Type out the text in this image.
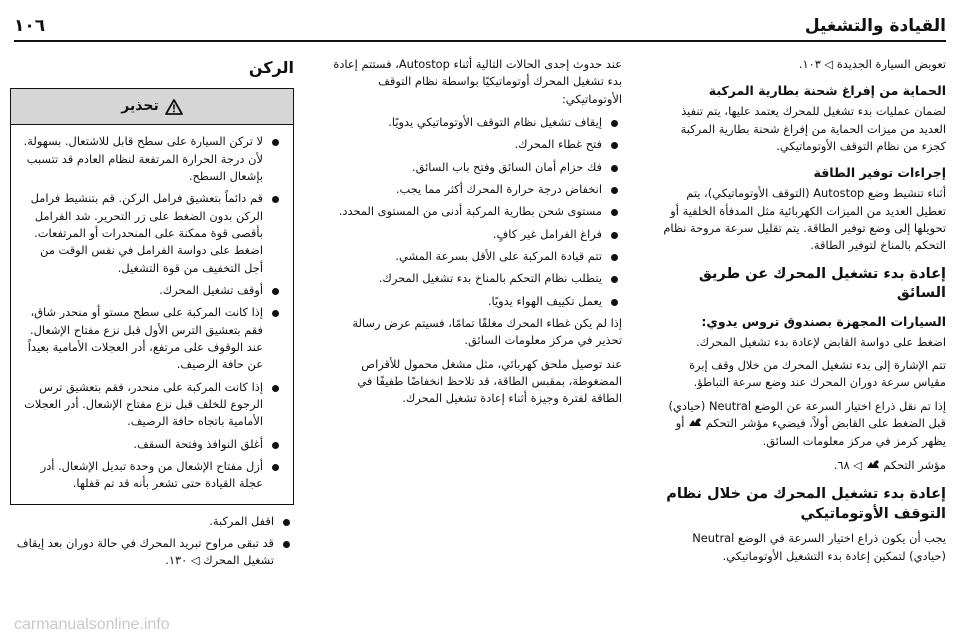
القيادة والتشغيل
١٠٦

تعويض السيارة الجديدة ◁ ١٠٣.

الحماية من إفراغ شحنة بطارية المركبة

لضمان عمليات بدء تشغيل للمحرك يعتمد عليها، يتم تنفيذ العديد من ميزات الحماية من إفراغ شحنة بطارية المركبة كجزء من نظام التوقف الأوتوماتيكي.

إجراءات توفير الطاقة

أثناء تنشيط وضع Autostop (التوقف الأوتوماتيكي)، يتم تعطيل العديد من الميزات الكهربائية مثل المدفأة الخلفية أو تحويلها إلى وضع توفير الطاقة. يتم تقليل سرعة مروحة نظام التحكم بالمناخ لتوفير الطاقة.

إعادة بدء تشغيل المحرك عن طريق السائق
السيارات المجهزة بصندوق تروس يدوي:

اضغط على دواسة القابض لإعادة بدء تشغيل المحرك.

تتم الإشارة إلى بدء تشغيل المحرك من خلال وقف إبرة مقياس سرعة دوران المحرك عند وضع سرعة التباطؤ.

إذا تم نقل ذراع اختيار السرعة عن الوضع Neutral (حيادي) قبل الضغط على القابض أولاً، فيضيء مؤشر التحكم  أو يظهر كرمز في مركز معلومات السائق.

مؤشر التحكم  ◁ ٦٨.

إعادة بدء تشغيل المحرك من خلال نظام التوقف الأوتوماتيكي

يجب أن يكون ذراع اختيار السرعة في الوضع Neutral (حيادي) لتمكين إعادة بدء التشغيل الأوتوماتيكي.

عند حدوث إحدى الحالات التالية أثناء Autostop، فستتم إعادة بدء تشغيل المحرك أوتوماتيكيًا بواسطة نظام التوقف الأوتوماتيكي:

إيقاف تشغيل نظام التوقف الأوتوماتيكي يدويًا.
فتح غطاء المحرك.
فك حزام أمان السائق وفتح باب السائق.
انخفاض درجة حرارة المحرك أكثر مما يجب.
مستوى شحن بطارية المركبة أدنى من المستوى المحدد.
فراغ الفرامل غير كافٍ.
تتم قيادة المركبة على الأقل بسرعة المشي.
يتطلب نظام التحكم بالمناخ بدء تشغيل المحرك.
يعمل تكييف الهواء يدويًا.

إذا لم يكن غطاء المحرك مغلقًا تمامًا، فسيتم عرض رسالة تحذير في مركز معلومات السائق.

عند توصيل ملحق كهربائي، مثل مشغل محمول للأقراص المضغوطة، بمقبس الطاقة، قد تلاحظ انخفاضًا طفيفًا في الطاقة لفترة وجيزة أثناء إعادة تشغيل المحرك.

الركن
تحذير
لا تركن السيارة على سطح قابل للاشتعال. بسهولة. لأن درجة الحرارة المرتفعة لنظام العادم قد تتسبب بإشعال السطح.
قم دائماً بتعشيق فرامل الركن. قم بتنشيط فرامل الركن بدون الضغط على زر التحرير. شد الفرامل بأقصى قوة ممكنة على المنحدرات أو المرتفعات. اضغط على دواسة الفرامل في نفس الوقت من أجل التخفيف من قوة التشغيل.
أوقف تشغيل المحرك.
إذا كانت المركبة على سطح مستو أو منحدر شاق، فقم بتعشيق الترس الأول قبل نزع مفتاح الإشعال. عند الوقوف على مرتفع، أدر العجلات الأمامية بعيداً عن حافة الرصيف.
إذا كانت المركبة على منحدر، فقم بتعشيق ترس الرجوع للخلف قبل نزع مفتاح الإشعال. أدر العجلات الأمامية باتجاه حافة الرصيف.
أغلق النوافذ وفتحة السقف.
أزل مفتاح الإشعال من وحدة تبديل الإشعال. أدر عجلة القيادة حتى تشعر بأنه قد تم قفلها.
اقفل المركبة.
قد تبقى مراوح تبريد المحرك في حالة دوران بعد إيقاف تشغيل المحرك ◁ ١٣٠.
carmanualsonline.info
